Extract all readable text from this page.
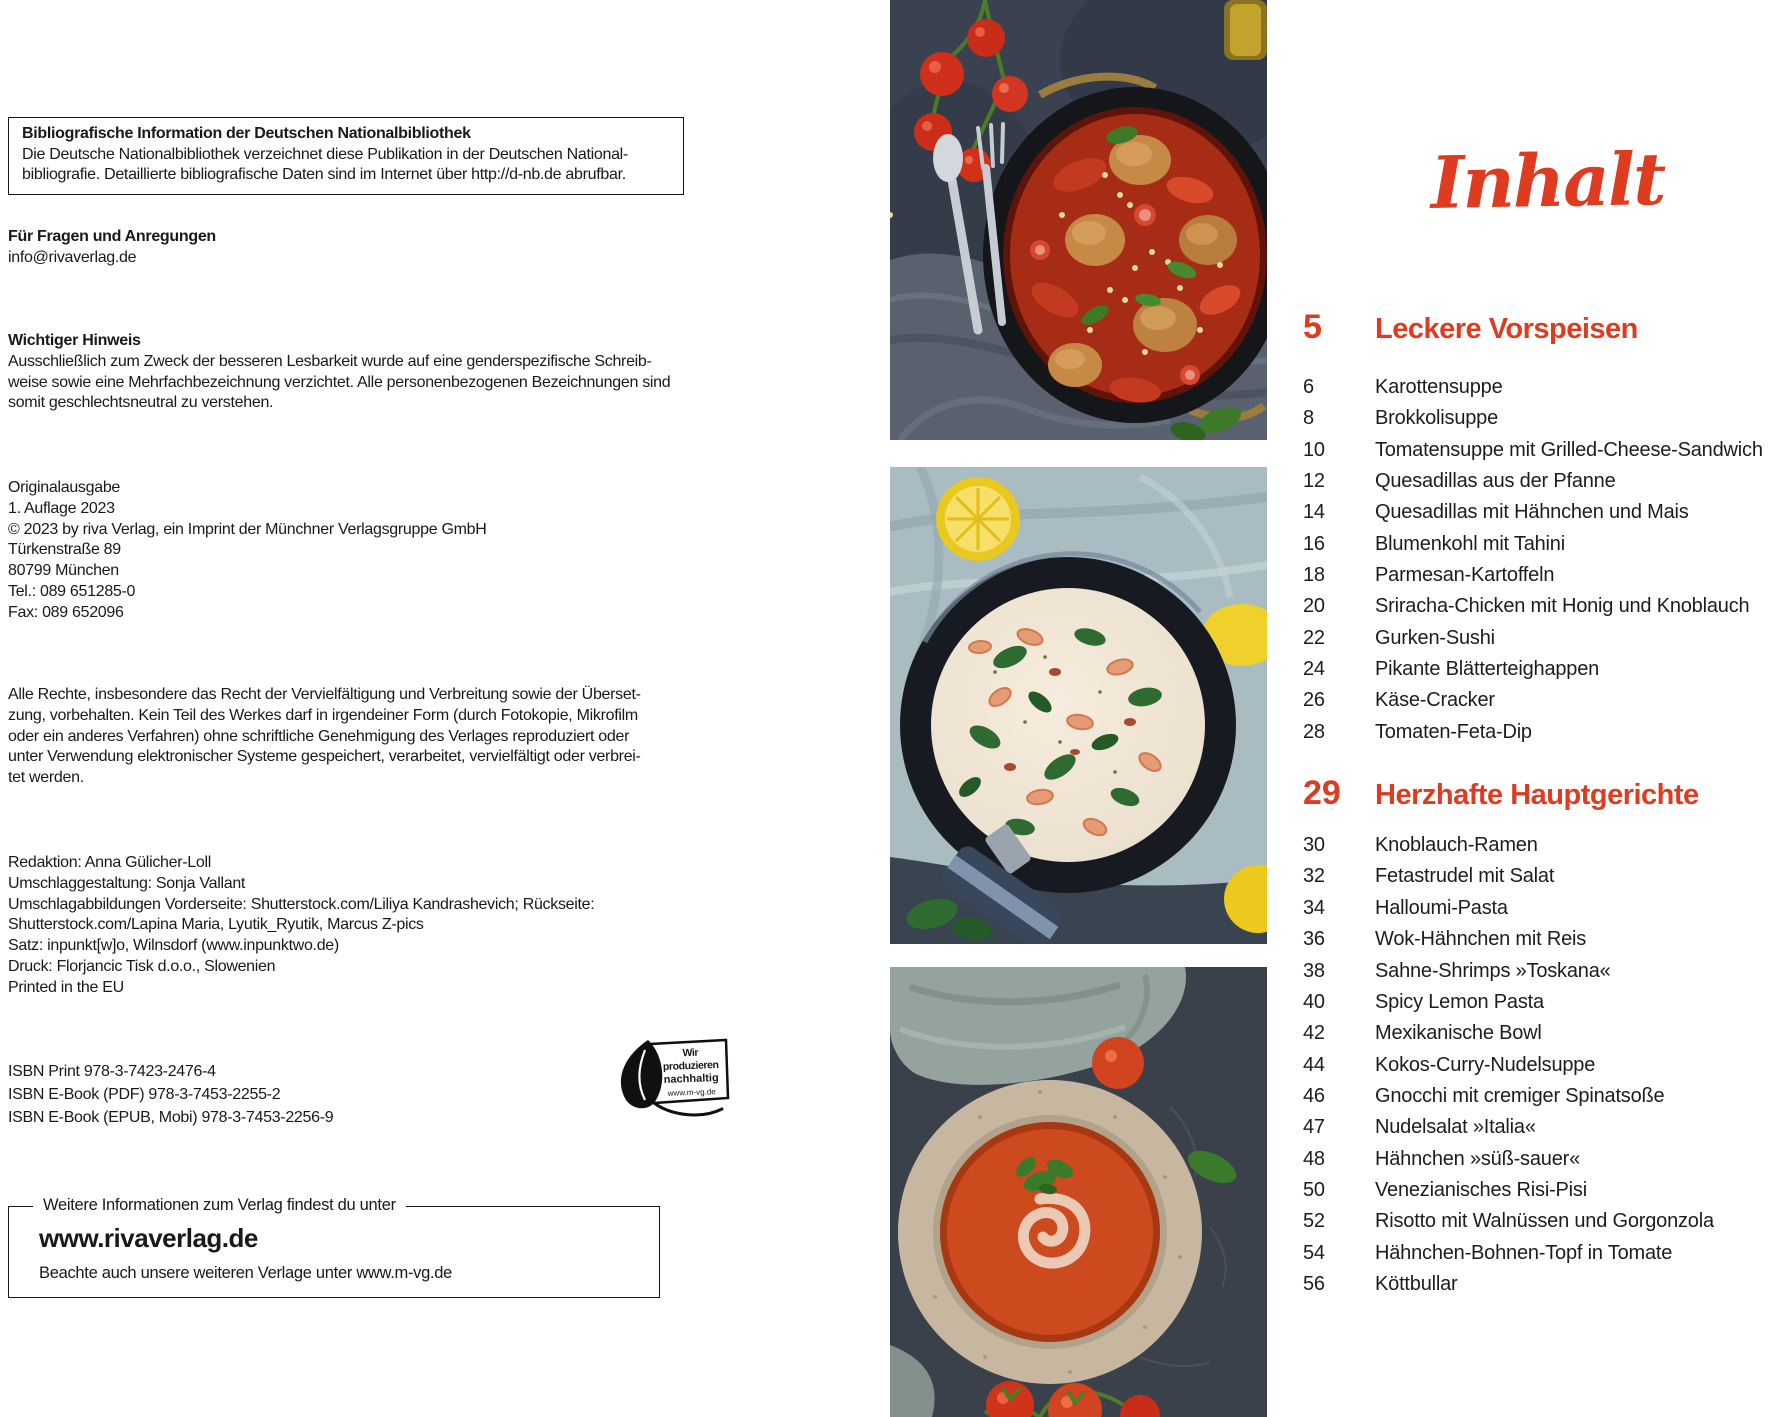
Bibliografische Information der Deutschen Nationalbibliothek
Die Deutsche Nationalbibliothek verzeichnet diese Publikation in der Deutschen National-
bibliografie. Detaillierte bibliografische Daten sind im Internet über http://d-nb.de abrufbar.
Für Fragen und Anregungen
info@rivaverlag.de
Wichtiger Hinweis
Ausschließlich zum Zweck der besseren Lesbarkeit wurde auf eine genderspezifische Schreib-
weise sowie eine Mehrfachbezeichnung verzichtet. Alle personenbezogenen Bezeichnungen sind
somit geschlechtsneutral zu verstehen.
Originalausgabe
1. Auflage 2023
© 2023 by riva Verlag, ein Imprint der Münchner Verlagsgruppe GmbH
Türkenstraße 89
80799 München
Tel.: 089 651285-0
Fax: 089 652096
Alle Rechte, insbesondere das Recht der Vervielfältigung und Verbreitung sowie der Überset-
zung, vorbehalten. Kein Teil des Werkes darf in irgendeiner Form (durch Fotokopie, Mikrofilm
oder ein anderes Verfahren) ohne schriftliche Genehmigung des Verlages reproduziert oder
unter Verwendung elektronischer Systeme gespeichert, verarbeitet, vervielfältigt oder verbrei-
tet werden.
Redaktion: Anna Gülicher-Loll
Umschlaggestaltung: Sonja Vallant
Umschlagabbildungen Vorderseite: Shutterstock.com/Liliya Kandrashevich; Rückseite:
Shutterstock.com/Lapina Maria, Lyutik_Ryutik, Marcus Z-pics
Satz: inpunkt[w]o, Wilnsdorf (www.inpunktwo.de)
Druck: Florjancic Tisk d.o.o., Slowenien
Printed in the EU
ISBN Print 978-3-7423-2476-4
ISBN E-Book (PDF) 978-3-7453-2255-2
ISBN E-Book (EPUB, Mobi) 978-3-7453-2256-9
Wir produzieren
nachhaltig
www.m-vg.de
Weitere Informationen zum Verlag findest du unter
www.rivaverlag.de
Beachte auch unsere weiteren Verlage unter www.m-vg.de
Inhalt
5	Leckere Vorspeisen
6	Karottensuppe
8	Brokkolisuppe
10	Tomatensuppe mit Grilled-Cheese-Sandwich
12	Quesadillas aus der Pfanne
14	Quesadillas mit Hähnchen und Mais
16	Blumenkohl mit Tahini
18	Parmesan-Kartoffeln
20	Sriracha-Chicken mit Honig und Knoblauch
22	Gurken-Sushi
24	Pikante Blätterteighappen
26	Käse-Cracker
28	Tomaten-Feta-Dip
29	Herzhafte Hauptgerichte
30	Knoblauch-Ramen
32	Fetastrudel mit Salat
34	Halloumi-Pasta
36	Wok-Hähnchen mit Reis
38	Sahne-Shrimps »Toskana«
40	Spicy Lemon Pasta
42	Mexikanische Bowl
44	Kokos-Curry-Nudelsuppe
46	Gnocchi mit cremiger Spinatsoße
47	Nudelsalat »Italia«
48	Hähnchen »süß-sauer«
50	Venezianisches Risi-Pisi
52	Risotto mit Walnüssen und Gorgonzola
54	Hähnchen-Bohnen-Topf in Tomate
56	Köttbullar
